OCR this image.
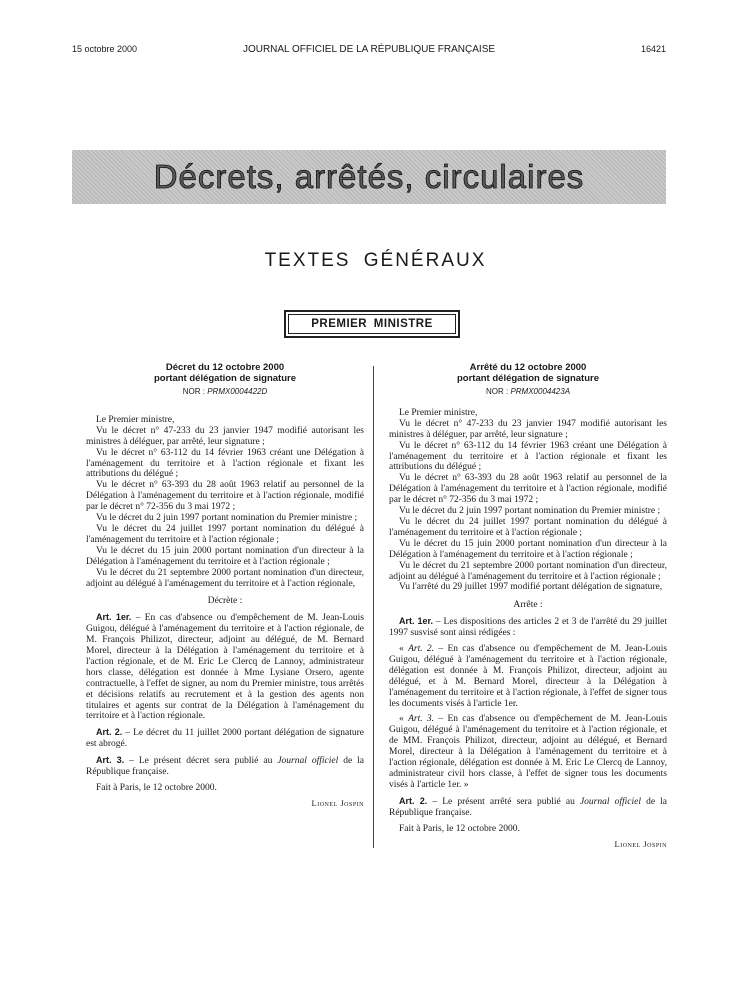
15 octobre 2000	JOURNAL OFFICIEL DE LA RÉPUBLIQUE FRANÇAISE	16421
Décrets, arrêtés, circulaires
TEXTES GÉNÉRAUX
PREMIER MINISTRE
Décret du 12 octobre 2000
portant délégation de signature
NOR : PRMX0004422D

Le Premier ministre,

Vu le décret n° 47-233 du 23 janvier 1947 modifié autorisant les ministres à déléguer, par arrêté, leur signature ;

Vu le décret n° 63-112 du 14 février 1963 créant une Délégation à l'aménagement du territoire et à l'action régionale et fixant les attributions du délégué ;

Vu le décret n° 63-393 du 28 août 1963 relatif au personnel de la Délégation à l'aménagement du territoire et à l'action régionale, modifié par le décret n° 72-356 du 3 mai 1972 ;

Vu le décret du 2 juin 1997 portant nomination du Premier ministre ;

Vu le décret du 24 juillet 1997 portant nomination du délégué à l'aménagement du territoire et à l'action régionale ;

Vu le décret du 15 juin 2000 portant nomination d'un directeur à la Délégation à l'aménagement du territoire et à l'action régionale ;

Vu le décret du 21 septembre 2000 portant nomination d'un directeur, adjoint au délégué à l'aménagement du territoire et à l'action régionale,

Décrète :

Art. 1er. – En cas d'absence ou d'empêchement de M. Jean-Louis Guigou, délégué à l'aménagement du territoire et à l'action régionale, de M. François Philizot, directeur, adjoint au délégué, de M. Bernard Morel, directeur à la Délégation à l'aménagement du territoire et à l'action régionale, et de M. Eric Le Clercq de Lannoy, administrateur hors classe, délégation est donnée à Mme Lysiane Orsero, agente contractuelle, à l'effet de signer, au nom du Premier ministre, tous arrêtés et décisions relatifs au recrutement et à la gestion des agents non titulaires et agents sur contrat de la Délégation à l'aménagement du territoire et à l'action régionale.

Art. 2. – Le décret du 11 juillet 2000 portant délégation de signature est abrogé.

Art. 3. – Le présent décret sera publié au Journal officiel de la République française.

Fait à Paris, le 12 octobre 2000.

Lionel Jospin

Arrêté du 12 octobre 2000
portant délégation de signature
NOR : PRMX0004423A

Le Premier ministre,

Vu le décret n° 47-233 du 23 janvier 1947 modifié autorisant les ministres à déléguer, par arrêté, leur signature ;

Vu le décret n° 63-112 du 14 février 1963 créant une Délégation à l'aménagement du territoire et à l'action régionale et fixant les attributions du délégué ;

Vu le décret n° 63-393 du 28 août 1963 relatif au personnel de la Délégation à l'aménagement du territoire et à l'action régionale, modifié par le décret n° 72-356 du 3 mai 1972 ;

Vu le décret du 2 juin 1997 portant nomination du Premier ministre ;

Vu le décret du 24 juillet 1997 portant nomination du délégué à l'aménagement du territoire et à l'action régionale ;

Vu le décret du 15 juin 2000 portant nomination d'un directeur à la Délégation à l'aménagement du territoire et à l'action régionale ;

Vu le décret du 21 septembre 2000 portant nomination d'un directeur, adjoint au délégué à l'aménagement du territoire et à l'action régionale ;

Vu l'arrêté du 29 juillet 1997 modifié portant délégation de signature,

Arrête :

Art. 1er. – Les dispositions des articles 2 et 3 de l'arrêté du 29 juillet 1997 susvisé sont ainsi rédigées :

« Art. 2. – En cas d'absence ou d'empêchement de M. Jean-Louis Guigou, délégué à l'aménagement du territoire et à l'action régionale, délégation est donnée à M. François Philizot, directeur, adjoint au délégué, et à M. Bernard Morel, directeur à la Délégation à l'aménagement du territoire et à l'action régionale, à l'effet de signer tous les documents visés à l'article 1er.

« Art. 3. – En cas d'absence ou d'empêchement de M. Jean-Louis Guigou, délégué à l'aménagement du territoire et à l'action régionale, et de MM. François Philizot, directeur, adjoint au délégué, et Bernard Morel, directeur à la Délégation à l'aménagement du territoire et à l'action régionale, délégation est donnée à M. Eric Le Clercq de Lannoy, administrateur civil hors classe, à l'effet de signer tous les documents visés à l'article 1er. »

Art. 2. – Le présent arrêté sera publié au Journal officiel de la République française.

Fait à Paris, le 12 octobre 2000.

Lionel Jospin
